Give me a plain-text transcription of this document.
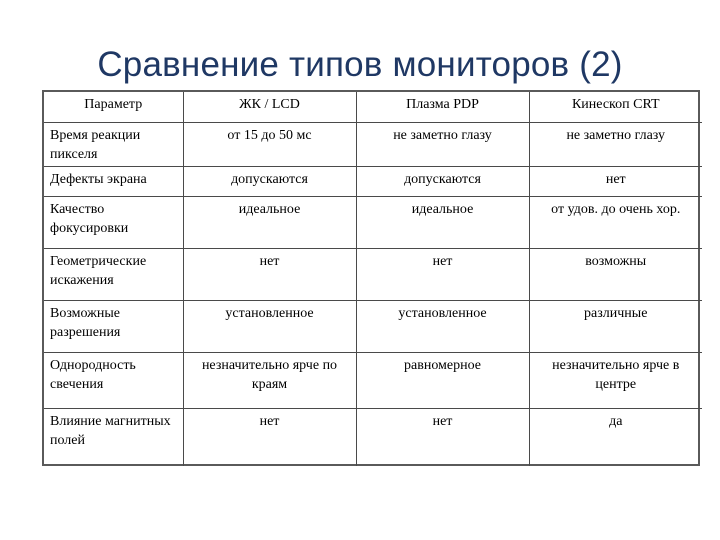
Сравнение типов мониторов (2)
Параметр	ЖК / LCD	Плазма PDP	Кинескоп CRT
Время реакции пикселя	от 15 до 50 мс	не заметно глазу	не заметно глазу
Дефекты экрана	допускаются	допускаются	нет
Качество фокусировки	идеальное	идеальное	от удов. до очень хор.
Геометрические искажения	нет	нет	возможны
Возможные разрешения	установленное	установленное	различные
Однородность свечения	незначительно ярче по краям	равномерное	незначительно ярче в центре
Влияние магнитных полей	нет	нет	да
